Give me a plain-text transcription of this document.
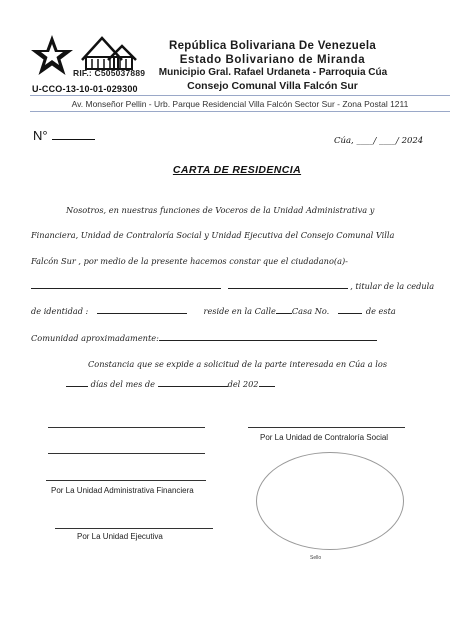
RIF.: C505037889
U-CCO-13-10-01-029300
República Bolivariana De Venezuela
Estado Bolivariano de Miranda
Municipio Gral. Rafael Urdaneta - Parroquia Cúa
Consejo Comunal Villa Falcón Sur
Av. Monseñor Pellin - Urb. Parque Residencial Villa Falcón Sector Sur - Zona Postal 1211
N°	Cúa, ____/ ____/ 2024
CARTA DE RESIDENCIA
Nosotros, en nuestras funciones de Voceros de la Unidad Administrativa y
Financiera, Unidad de Contraloría Social y Unidad Ejecutiva del Consejo Comunal Villa
Falcón Sur , por medio de la presente hacemos constar que el ciudadano(a)-
, titular de la cedula
de identidad :	reside en la Calle Casa No.	de esta
Comunidad aproximadamente:
Constancia que se expide a solicitud de la parte interesada en Cúa a los
días del mes de	del 202
Por La Unidad de Contraloría Social
Por La Unidad Administrativa Financiera
Por La Unidad Ejecutiva
Sello
